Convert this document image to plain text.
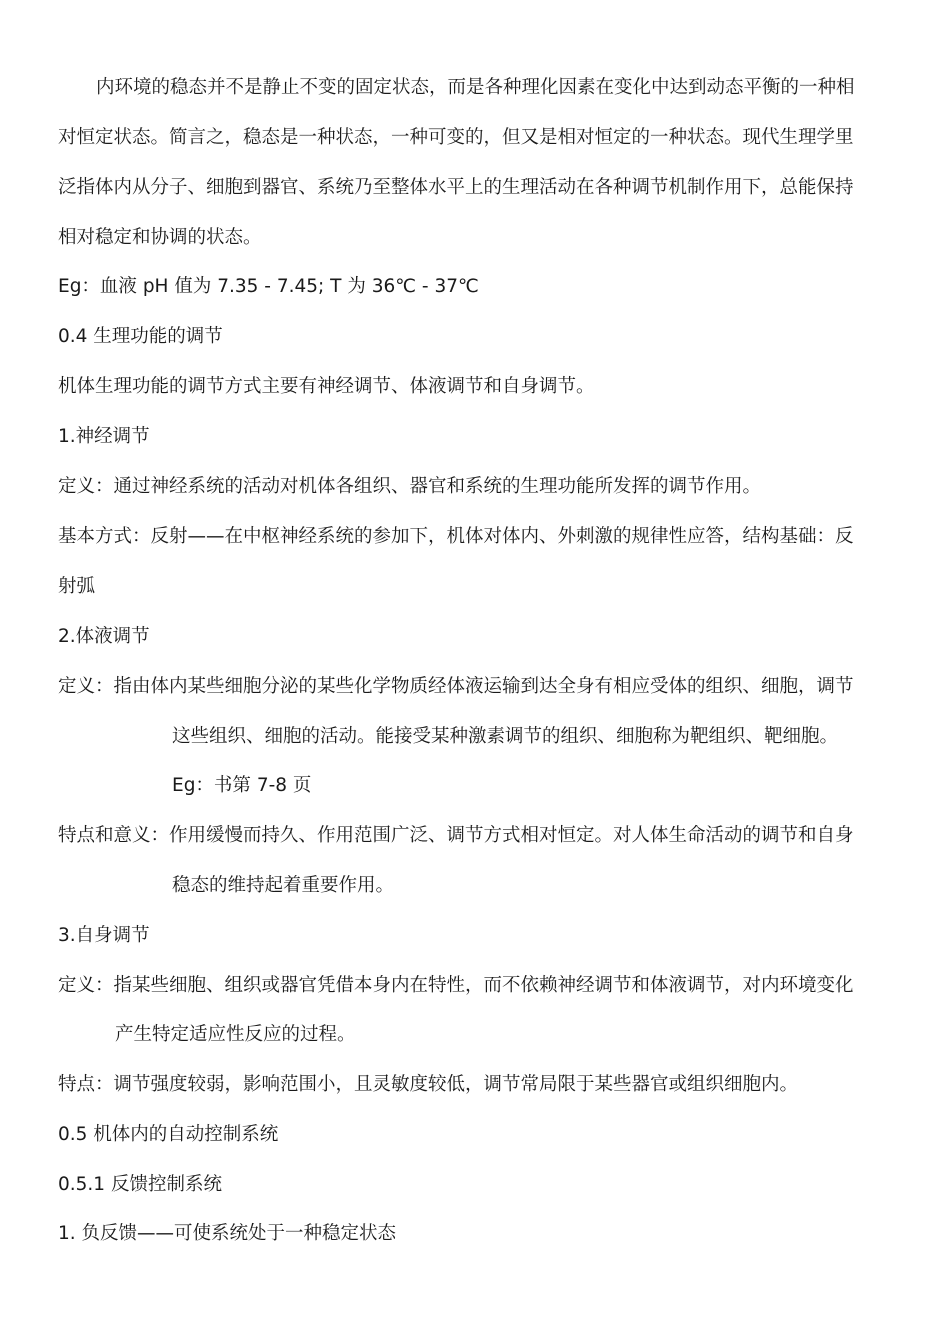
内环境的稳态并不是静止不变的固定状态，而是各种理化因素在变化中达到动态平衡的一种相
对恒定状态。简言之，稳态是一种状态，一种可变的，但又是相对恒定的一种状态。现代生理学里
泛指体内从分子、细胞到器官、系统乃至整体水平上的生理活动在各种调节机制作用下，总能保持
相对稳定和协调的状态。
Eg：血液 pH 值为 7.35 - 7.45; T 为 36℃ - 37℃
0.4 生理功能的调节
机体生理功能的调节方式主要有神经调节、体液调节和自身调节。
1.神经调节
定义：通过神经系统的活动对机体各组织、器官和系统的生理功能所发挥的调节作用。
基本方式：反射——在中枢神经系统的参加下，机体对体内、外刺激的规律性应答，结构基础：反
射弧
2.体液调节
定义：指由体内某些细胞分泌的某些化学物质经体液运输到达全身有相应受体的组织、细胞，调节
这些组织、细胞的活动。能接受某种激素调节的组织、细胞称为靶组织、靶细胞。
Eg：书第 7-8 页
特点和意义：作用缓慢而持久、作用范围广泛、调节方式相对恒定。对人体生命活动的调节和自身
稳态的维持起着重要作用。
3.自身调节
定义：指某些细胞、组织或器官凭借本身内在特性，而不依赖神经调节和体液调节，对内环境变化
产生特定适应性反应的过程。
特点：调节强度较弱，影响范围小，且灵敏度较低，调节常局限于某些器官或组织细胞内。
0.5 机体内的自动控制系统
0.5.1 反馈控制系统
1. 负反馈——可使系统处于一种稳定状态
